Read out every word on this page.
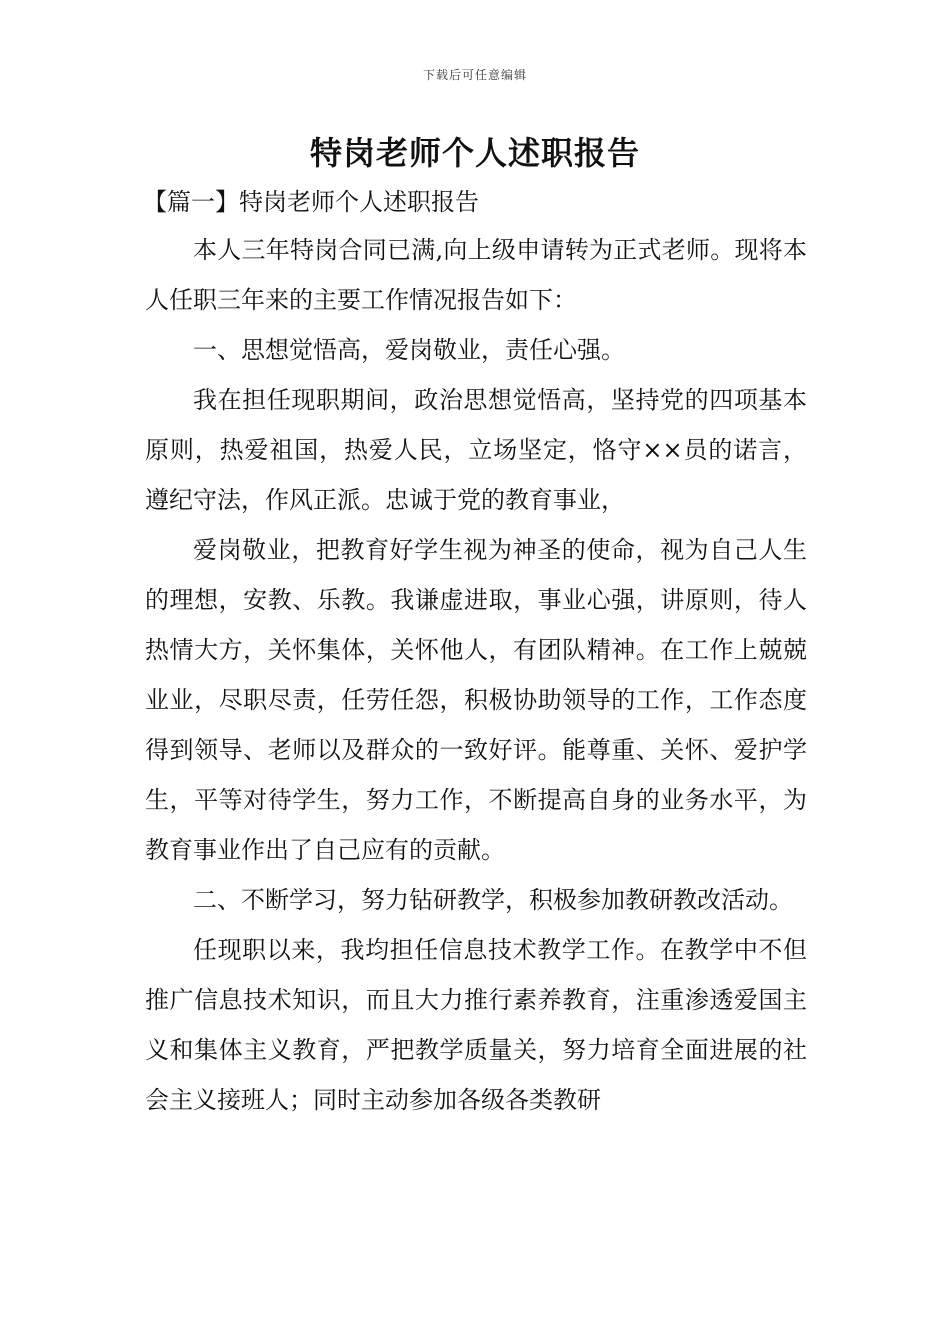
下载后可任意编辑
特岗老师个人述职报告
【篇一】特岗老师个人述职报告

本人三年特岗合同已满,向上级申请转为正式老师。现将本人任职三年来的主要工作情况报告如下：

一、思想觉悟高，爱岗敬业，责任心强。

我在担任现职期间，政治思想觉悟高，坚持党的四项基本原则，热爱祖国，热爱人民，立场坚定，恪守××员的诺言，遵纪守法，作风正派。忠诚于党的教育事业，

爱岗敬业，把教育好学生视为神圣的使命，视为自己人生的理想，安教、乐教。我谦虚进取，事业心强，讲原则，待人热情大方，关怀集体，关怀他人，有团队精神。在工作上兢兢业业，尽职尽责，任劳任怨，积极协助领导的工作，工作态度得到领导、老师以及群众的一致好评。能尊重、关怀、爱护学生，平等对待学生，努力工作，不断提高自身的业务水平，为教育事业作出了自己应有的贡献。

二、不断学习，努力钻研教学，积极参加教研教改活动。

任现职以来，我均担任信息技术教学工作。在教学中不但推广信息技术知识，而且大力推行素养教育，注重渗透爱国主义和集体主义教育，严把教学质量关，努力培育全面进展的社会主义接班人；同时主动参加各级各类教研
